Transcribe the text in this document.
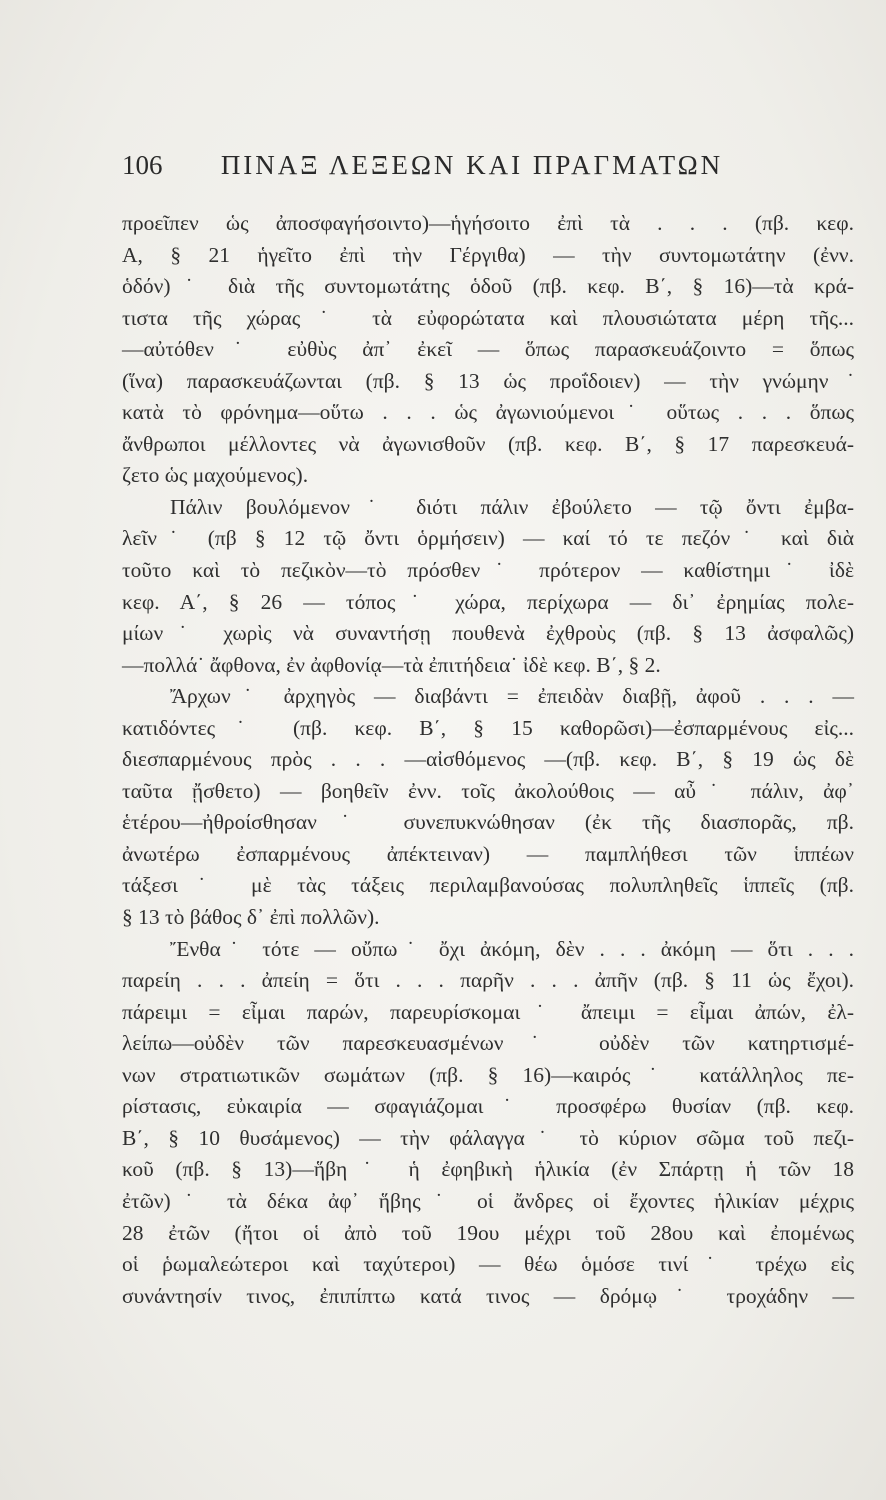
106	ΠΙΝΑΞ ΛΕΞΕΩΝ ΚΑΙ ΠΡΑΓΜΑΤΩΝ
προεῖπεν ὡς ἀποσφαγήσοιντο)—ἡγήσοιτο ἐπὶ τὰ . . . (πβ. κεφ.
Α, § 21 ἡγεῖτο ἐπὶ τὴν Γέργιθα) — τὴν συντομωτάτην (ἐνν.
ὁδόν)˙ διὰ τῆς συντομωτάτης ὁδοῦ (πβ. κεφ. Β΄, § 16)—τὰ κρά-
τιστα τῆς χώρας˙ τὰ εὐφορώτατα καὶ πλουσιώτατα μέρη τῆς...
—αὐτόθεν˙ εὐθὺς ἀπ᾽ ἐκεῖ — ὅπως παρασκευάζοιντο = ὅπως
(ἵνα) παρασκευάζωνται (πβ. § 13 ὡς προΐδοιεν) — τὴν γνώμην˙
κατὰ τὸ φρόνημα—οὕτω . . . ὡς ἀγωνιούμενοι˙ οὕτως . . . ὅπως
ἄνθρωποι μέλλοντες νὰ ἀγωνισθοῦν (πβ. κεφ. Β΄, § 17 παρεσκευά-
ζετο ὡς μαχούμενος).
Πάλιν βουλόμενον˙ διότι πάλιν ἐβούλετο — τῷ ὄντι ἐμβα-
λεῖν˙ (πβ § 12 τῷ ὄντι ὁρμήσειν) — καί τό τε πεζόν˙ καὶ διὰ
τοῦτο καὶ τὸ πεζικὸν—τὸ πρόσθεν˙ πρότερον — καθίστημι˙ ἰδὲ
κεφ. Α΄, § 26 — τόπος˙ χώρα, περίχωρα — δι᾽ ἐρημίας πολε-
μίων˙ χωρὶς νὰ συναντήσῃ πουθενὰ ἐχθροὺς (πβ. § 13 ἀσφαλῶς)
—πολλά˙ ἄφθονα, ἐν ἀφθονίᾳ—τὰ ἐπιτήδεια˙ ἰδὲ κεφ. Β΄, § 2.
Ἄρχων˙ ἀρχηγὸς — διαβάντι = ἐπειδὰν διαβῇ, ἀφοῦ . . . —
κατιδόντες˙ (πβ. κεφ. Β΄, § 15 καθορῶσι)—ἐσπαρμένους εἰς...
διεσπαρμένους πρὸς . . . —αἰσθόμενος —(πβ. κεφ. Β΄, § 19 ὡς δὲ
ταῦτα ᾔσθετο) — βοηθεῖν ἐνν. τοῖς ἀκολούθοις — αὖ˙ πάλιν, ἀφ᾽
ἑτέρου—ἠθροίσθησαν˙ συνεπυκνώθησαν (ἐκ τῆς διασπορᾶς, πβ.
ἀνωτέρω ἐσπαρμένους ἀπέκτειναν) — παμπλήθεσι τῶν ἱππέων
τάξεσι˙ μὲ τὰς τάξεις περιλαμβανούσας πολυπληθεῖς ἱππεῖς (πβ.
§ 13 τὸ βάθος δ᾽ ἐπὶ πολλῶν).
Ἔνθα˙ τότε — οὔπω˙ ὄχι ἀκόμη, δὲν . . . ἀκόμη — ὅτι . . .
παρείη . . . ἀπείη = ὅτι . . . παρῆν . . . ἀπῆν (πβ. § 11 ὡς ἔχοι).
πάρειμι = εἶμαι παρών, παρευρίσκομαι˙ ἄπειμι = εἶμαι ἀπών, ἐλ-
λείπω—οὐδὲν τῶν παρεσκευασμένων˙ οὐδὲν τῶν κατηρτισμέ-
νων στρατιωτικῶν σωμάτων (πβ. § 16)—καιρός˙ κατάλληλος πε-
ρίστασις, εὐκαιρία — σφαγιάζομαι˙ προσφέρω θυσίαν (πβ. κεφ.
Β΄, § 10 θυσάμενος) — τὴν φάλαγγα˙ τὸ κύριον σῶμα τοῦ πεζι-
κοῦ (πβ. § 13)—ἥβη˙ ἡ ἐφηβικὴ ἡλικία (ἐν Σπάρτῃ ἡ τῶν 18
ἐτῶν)˙ τὰ δέκα ἀφ᾽ ἥβης˙ οἱ ἄνδρες οἱ ἔχοντες ἡλικίαν μέχρις
28 ἐτῶν (ἤτοι οἱ ἀπὸ τοῦ 19ου μέχρι τοῦ 28ου καὶ ἐπομένως
οἱ ῥωμαλεώτεροι καὶ ταχύτεροι) — θέω ὁμόσε τινί˙ τρέχω εἰς
συνάντησίν τινος, ἐπιπίπτω κατά τινος — δρόμῳ˙ τροχάδην —
